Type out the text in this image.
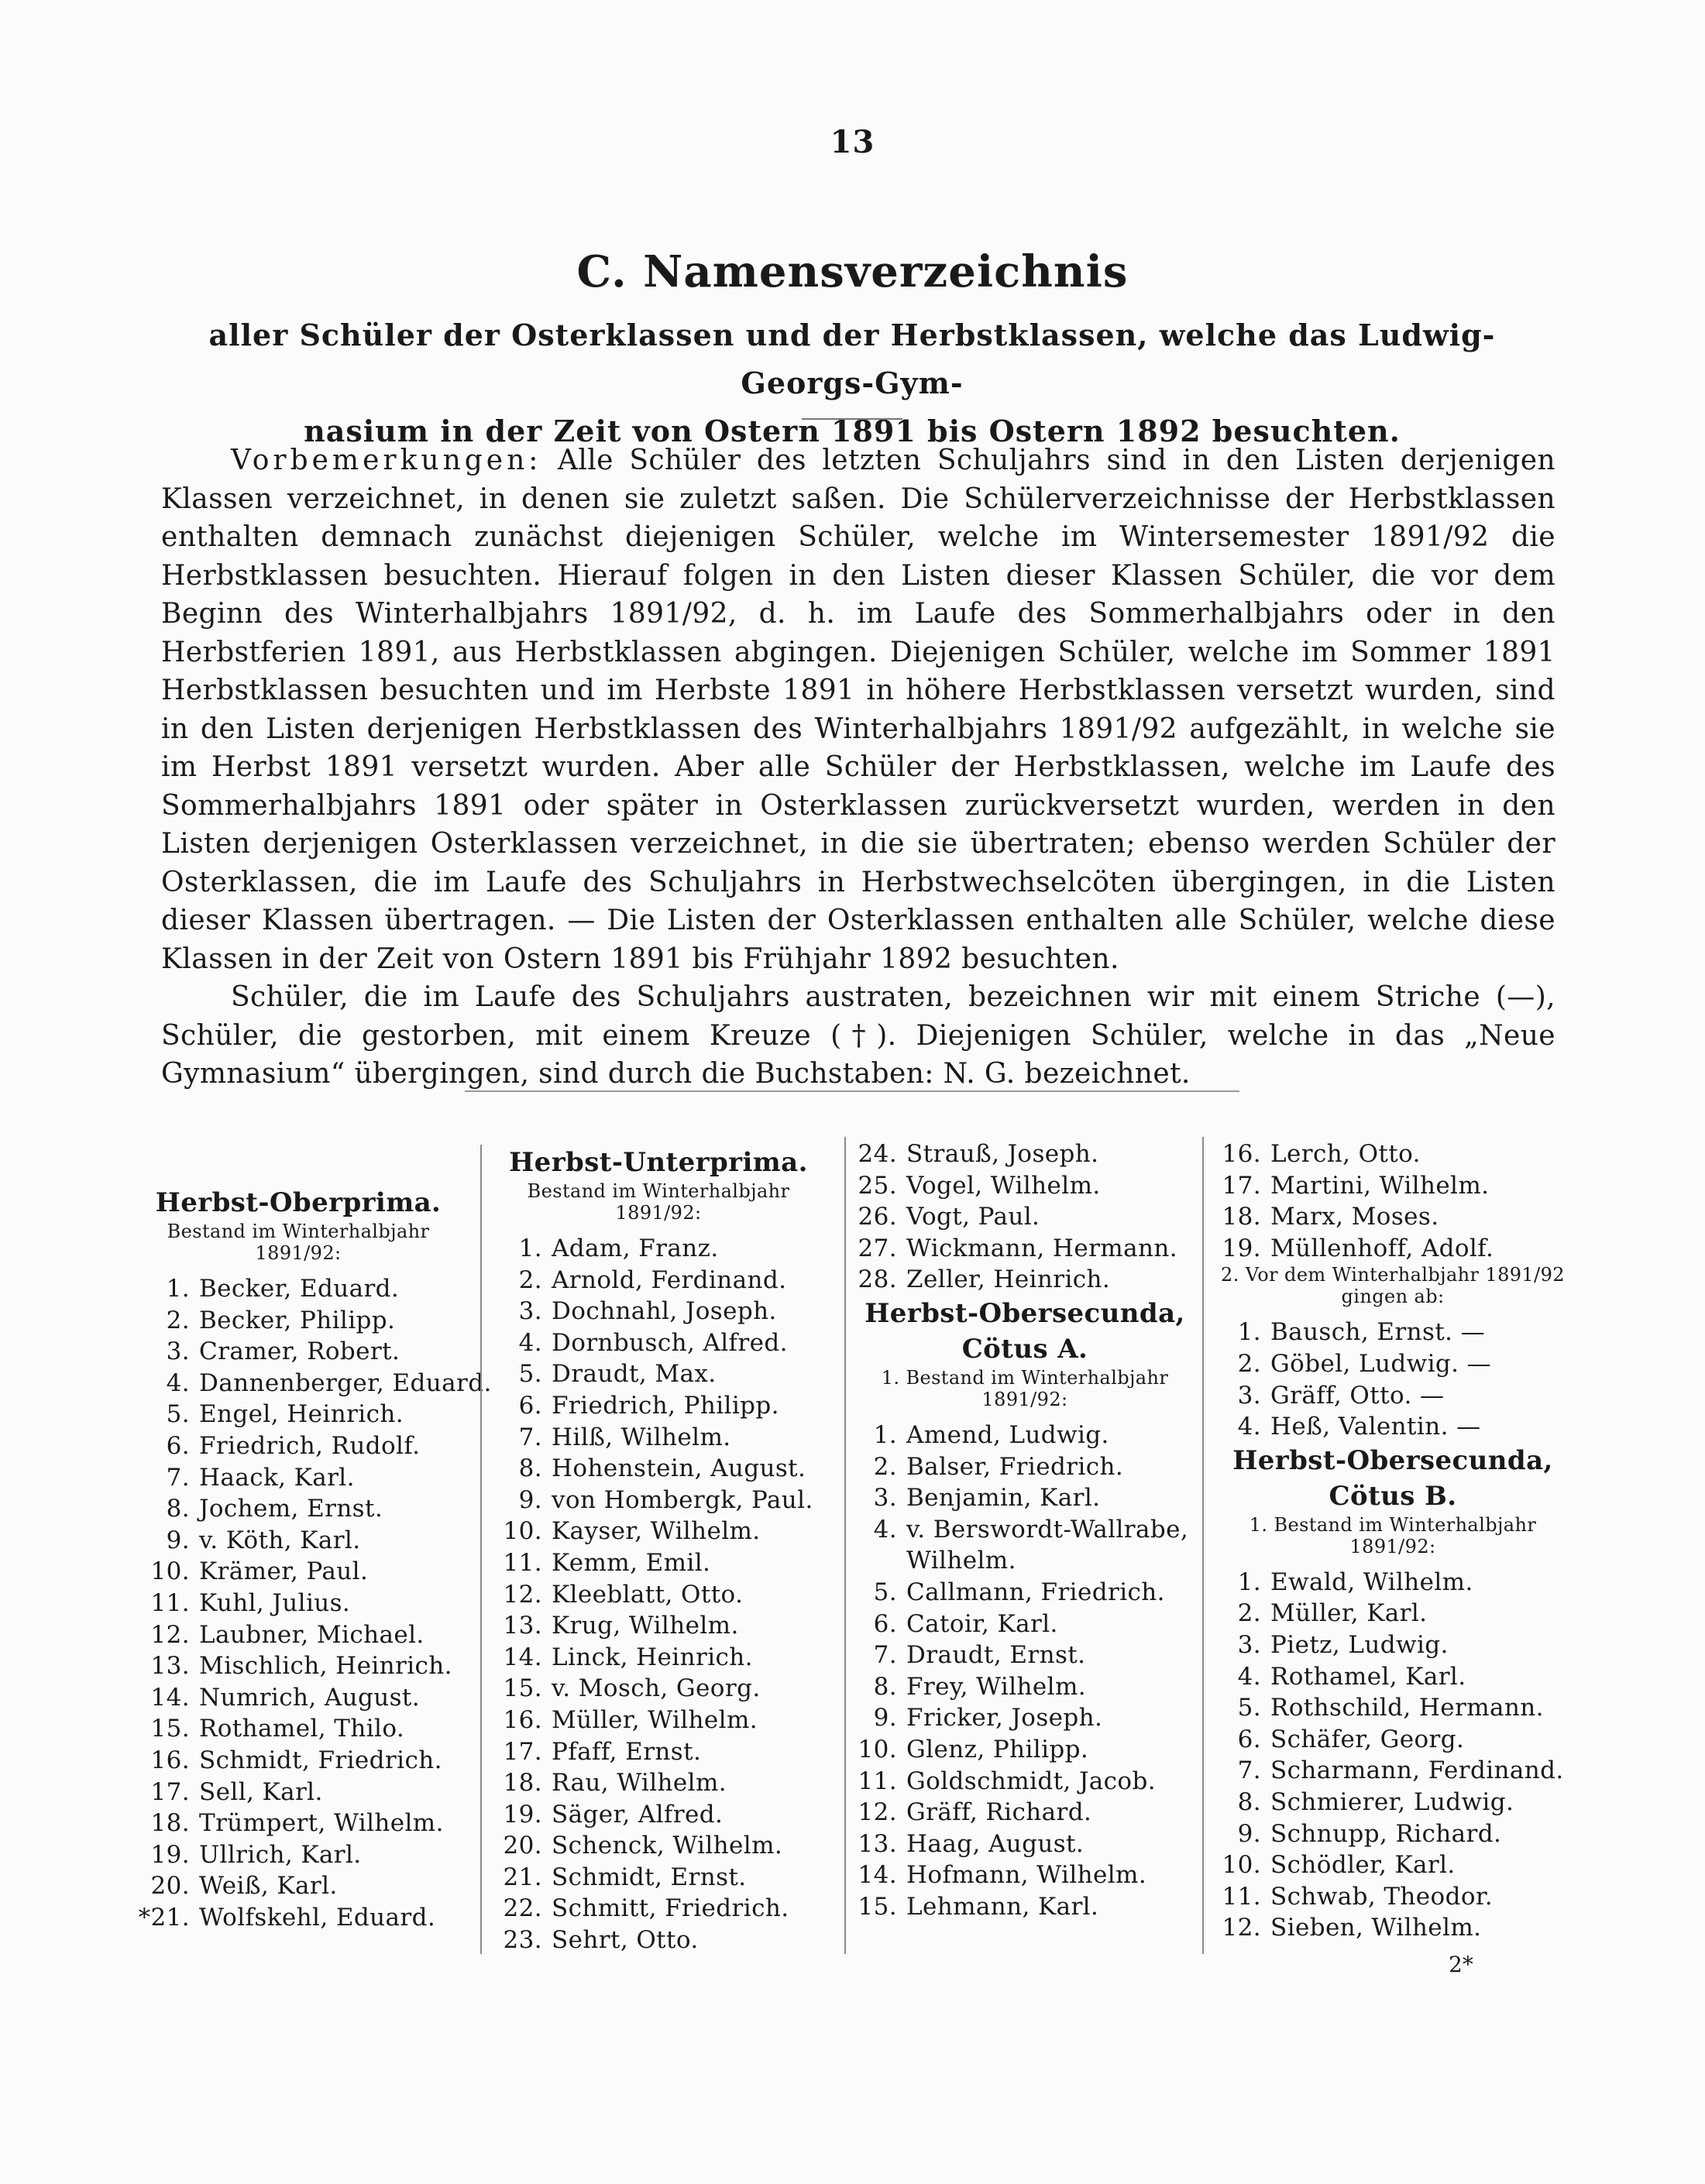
13
C. Namensverzeichnis
aller Schüler der Osterklassen und der Herbstklassen, welche das Ludwig-Georgs-Gym-
nasium in der Zeit von Ostern 1891 bis Ostern 1892 besuchten.

Vorbemerkungen: Alle Schüler des letzten Schuljahrs sind in den Listen derjenigen Klassen verzeichnet, in denen sie zuletzt saßen. Die Schülerverzeichnisse der Herbstklassen enthalten demnach zunächst diejenigen Schüler, welche im Wintersemester 1891/92 die Herbstklassen besuchten. Hierauf folgen in den Listen dieser Klassen Schüler, die vor dem Beginn des Winterhalbjahrs 1891/92, d. h. im Laufe des Sommerhalbjahrs oder in den Herbstferien 1891, aus Herbstklassen abgingen. Diejenigen Schüler, welche im Sommer 1891 Herbstklassen besuchten und im Herbste 1891 in höhere Herbstklassen versetzt wurden, sind in den Listen derjenigen Herbstklassen des Winterhalbjahrs 1891/92 aufgezählt, in welche sie im Herbst 1891 versetzt wurden. Aber alle Schüler der Herbstklassen, welche im Laufe des Sommerhalbjahrs 1891 oder später in Osterklassen zurückversetzt wurden, werden in den Listen derjenigen Osterklassen verzeichnet, in die sie übertraten; ebenso werden Schüler der Osterklassen, die im Laufe des Schuljahrs in Herbstwechselcöten übergingen, in die Listen dieser Klassen übertragen. — Die Listen der Osterklassen enthalten alle Schüler, welche diese Klassen in der Zeit von Ostern 1891 bis Frühjahr 1892 besuchten.

Schüler, die im Laufe des Schuljahrs austraten, bezeichnen wir mit einem Striche (—), Schüler, die gestorben, mit einem Kreuze (†). Diejenigen Schüler, welche in das „Neue Gymnasium“ übergingen, sind durch die Buchstaben: N. G. bezeichnet.

Herbst-Oberprima.
Bestand im Winterhalbjahr
1891/92:
1. Becker, Eduard.
2. Becker, Philipp.
3. Cramer, Robert.
4. Dannenberger, Eduard.
5. Engel, Heinrich.
6. Friedrich, Rudolf.
7. Haack, Karl.
8. Jochem, Ernst.
9. v. Köth, Karl.
10. Krämer, Paul.
11. Kuhl, Julius.
12. Laubner, Michael.
13. Mischlich, Heinrich.
14. Numrich, August.
15. Rothamel, Thilo.
16. Schmidt, Friedrich.
17. Sell, Karl.
18. Trümpert, Wilhelm.
19. Ullrich, Karl.
20. Weiß, Karl.
*21. Wolfskehl, Eduard.
Herbst-Unterprima.
Bestand im Winterhalbjahr
1891/92:
1. Adam, Franz.
2. Arnold, Ferdinand.
3. Dochnahl, Joseph.
4. Dornbusch, Alfred.
5. Draudt, Max.
6. Friedrich, Philipp.
7. Hilß, Wilhelm.
8. Hohenstein, August.
9. von Hombergk, Paul.
10. Kayser, Wilhelm.
11. Kemm, Emil.
12. Kleeblatt, Otto.
13. Krug, Wilhelm.
14. Linck, Heinrich.
15. v. Mosch, Georg.
16. Müller, Wilhelm.
17. Pfaff, Ernst.
18. Rau, Wilhelm.
19. Säger, Alfred.
20. Schenck, Wilhelm.
21. Schmidt, Ernst.
22. Schmitt, Friedrich.
23. Sehrt, Otto.
24. Strauß, Joseph.
25. Vogel, Wilhelm.
26. Vogt, Paul.
27. Wickmann, Hermann.
28. Zeller, Heinrich.
Herbst-Obersecunda,
Cötus A.
1. Bestand im Winterhalbjahr
1891/92:
1. Amend, Ludwig.
2. Balser, Friedrich.
3. Benjamin, Karl.
4. v. Berswordt-Wallrabe,
Wilhelm.
5. Callmann, Friedrich.
6. Catoir, Karl.
7. Draudt, Ernst.
8. Frey, Wilhelm.
9. Fricker, Joseph.
10. Glenz, Philipp.
11. Goldschmidt, Jacob.
12. Gräff, Richard.
13. Haag, August.
14. Hofmann, Wilhelm.
15. Lehmann, Karl.
16. Lerch, Otto.
17. Martini, Wilhelm.
18. Marx, Moses.
19. Müllenhoff, Adolf.
2. Vor dem Winterhalbjahr 1891/92
gingen ab:
1. Bausch, Ernst. —
2. Göbel, Ludwig. —
3. Gräff, Otto. —
4. Heß, Valentin. —
Herbst-Obersecunda,
Cötus B.
1. Bestand im Winterhalbjahr
1891/92:
1. Ewald, Wilhelm.
2. Müller, Karl.
3. Pietz, Ludwig.
4. Rothamel, Karl.
5. Rothschild, Hermann.
6. Schäfer, Georg.
7. Scharmann, Ferdinand.
8. Schmierer, Ludwig.
9. Schnupp, Richard.
10. Schödler, Karl.
11. Schwab, Theodor.
12. Sieben, Wilhelm.
2*
